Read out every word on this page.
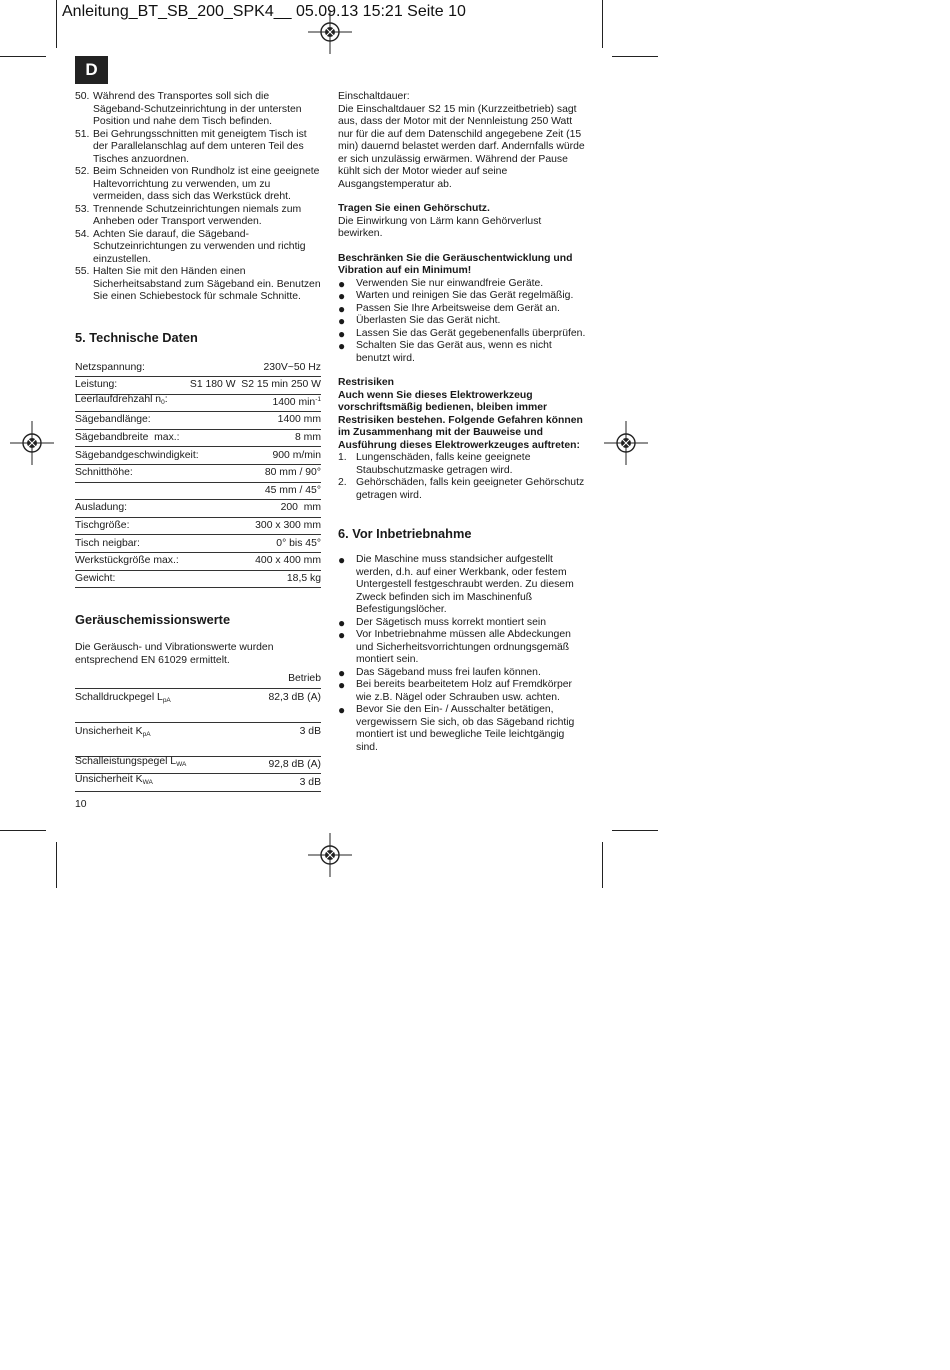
Anleitung_BT_SB_200_SPK4__ 05.09.13 15:21 Seite 10
D
50. Während des Transportes soll sich die Sägeband-Schutzeinrichtung in der untersten Position und nahe dem Tisch befinden.
51. Bei Gehrungsschnitten mit geneigtem Tisch ist der Parallelanschlag auf dem unteren Teil des Tisches anzuordnen.
52. Beim Schneiden von Rundholz ist eine geeignete Haltevorrichtung zu verwenden, um zu vermeiden, dass sich das Werkstück dreht.
53. Trennende Schutzeinrichtungen niemals zum Anheben oder Transport verwenden.
54. Achten Sie darauf, die Sägeband-Schutzeinrichtungen zu verwenden und richtig einzustellen.
55. Halten Sie mit den Händen einen Sicherheitsabstand zum Sägeband ein. Benutzen Sie einen Schiebestock für schmale Schnitte.
5. Technische Daten
Netzspannung:	230V~50 Hz
Leistung:	S1 180 W  S2 15 min 250 W
Leerlaufdrehzahl $n_0$:	1400 $\min^{-1}$
Sägebandlänge:	1400 mm
Sägebandbreite  max.:	8 mm
Sägebandgeschwindigkeit:	900 m/min
Schnitthöhe:	80 mm / 90°
45 mm / 45°
Ausladung:	200  mm
Tischgröße:	300 x 300 mm
Tisch neigbar:	0° bis 45°
Werkstückgröße max.:	400 x 400 mm
Gewicht:	18,5 kg
Geräuschemissionswerte

Die Geräusch- und Vibrationswerte wurden entsprechend EN 61029 ermittelt.

Betrieb
Schalldruckpegel $L_{pA}$	82,3 dB (A)
Unsicherheit $K_{pA}$	3 dB
Schalleistungspegel $L_{WA}$	92,8 dB (A)
Unsicherheit $K_{WA}$	3 dB

Einschaltdauer:

Die Einschaltdauer S2 15 min (Kurzzeitbetrieb) sagt aus, dass der Motor mit der Nennleistung 250 Watt nur für die auf dem Datenschild angegebene Zeit (15 min) dauernd belastet werden darf. Andernfalls würde er sich unzulässig erwärmen. Während der Pause kühlt sich der Motor wieder auf seine Ausgangstemperatur ab.

Tragen Sie einen Gehörschutz.

Die Einwirkung von Lärm kann Gehörverlust bewirken.

Beschränken Sie die Geräuschentwicklung und Vibration auf ein Minimum!

●	Verwenden Sie nur einwandfreie Geräte.
●	Warten und reinigen Sie das Gerät regelmäßig.
●	Passen Sie Ihre Arbeitsweise dem Gerät an.
●	Überlasten Sie das Gerät nicht.
●	Lassen Sie das Gerät gegebenenfalls überprüfen.
●	Schalten Sie das Gerät aus, wenn es nicht benutzt wird.

Restrisiken

Auch wenn Sie dieses Elektrowerkzeug vorschriftsmäßig bedienen, bleiben immer Restrisiken bestehen. Folgende Gefahren können im Zusammenhang mit der Bauweise und Ausführung dieses Elektrowerkzeuges auftreten:

1. Lungenschäden, falls keine geeignete Staubschutzmaske getragen wird.
2. Gehörschäden, falls kein geeigneter Gehörschutz getragen wird.
6. Vor Inbetriebnahme
●	Die Maschine muss standsicher aufgestellt werden, d.h. auf einer Werkbank, oder festem Untergestell festgeschraubt werden. Zu diesem Zweck befinden sich im Maschinenfuß Befestigungslöcher.
●	Der Sägetisch muss korrekt montiert sein
●	Vor Inbetriebnahme müssen alle Abdeckungen und Sicherheitsvorrichtungen ordnungsgemäß montiert sein.
●	Das Sägeband muss frei laufen können.
●	Bei bereits bearbeitetem Holz auf Fremdkörper wie z.B. Nägel oder Schrauben usw. achten.
●	Bevor Sie den Ein- / Ausschalter betätigen, vergewissern Sie sich, ob das Sägeband richtig montiert ist und bewegliche Teile leichtgängig sind.
10
